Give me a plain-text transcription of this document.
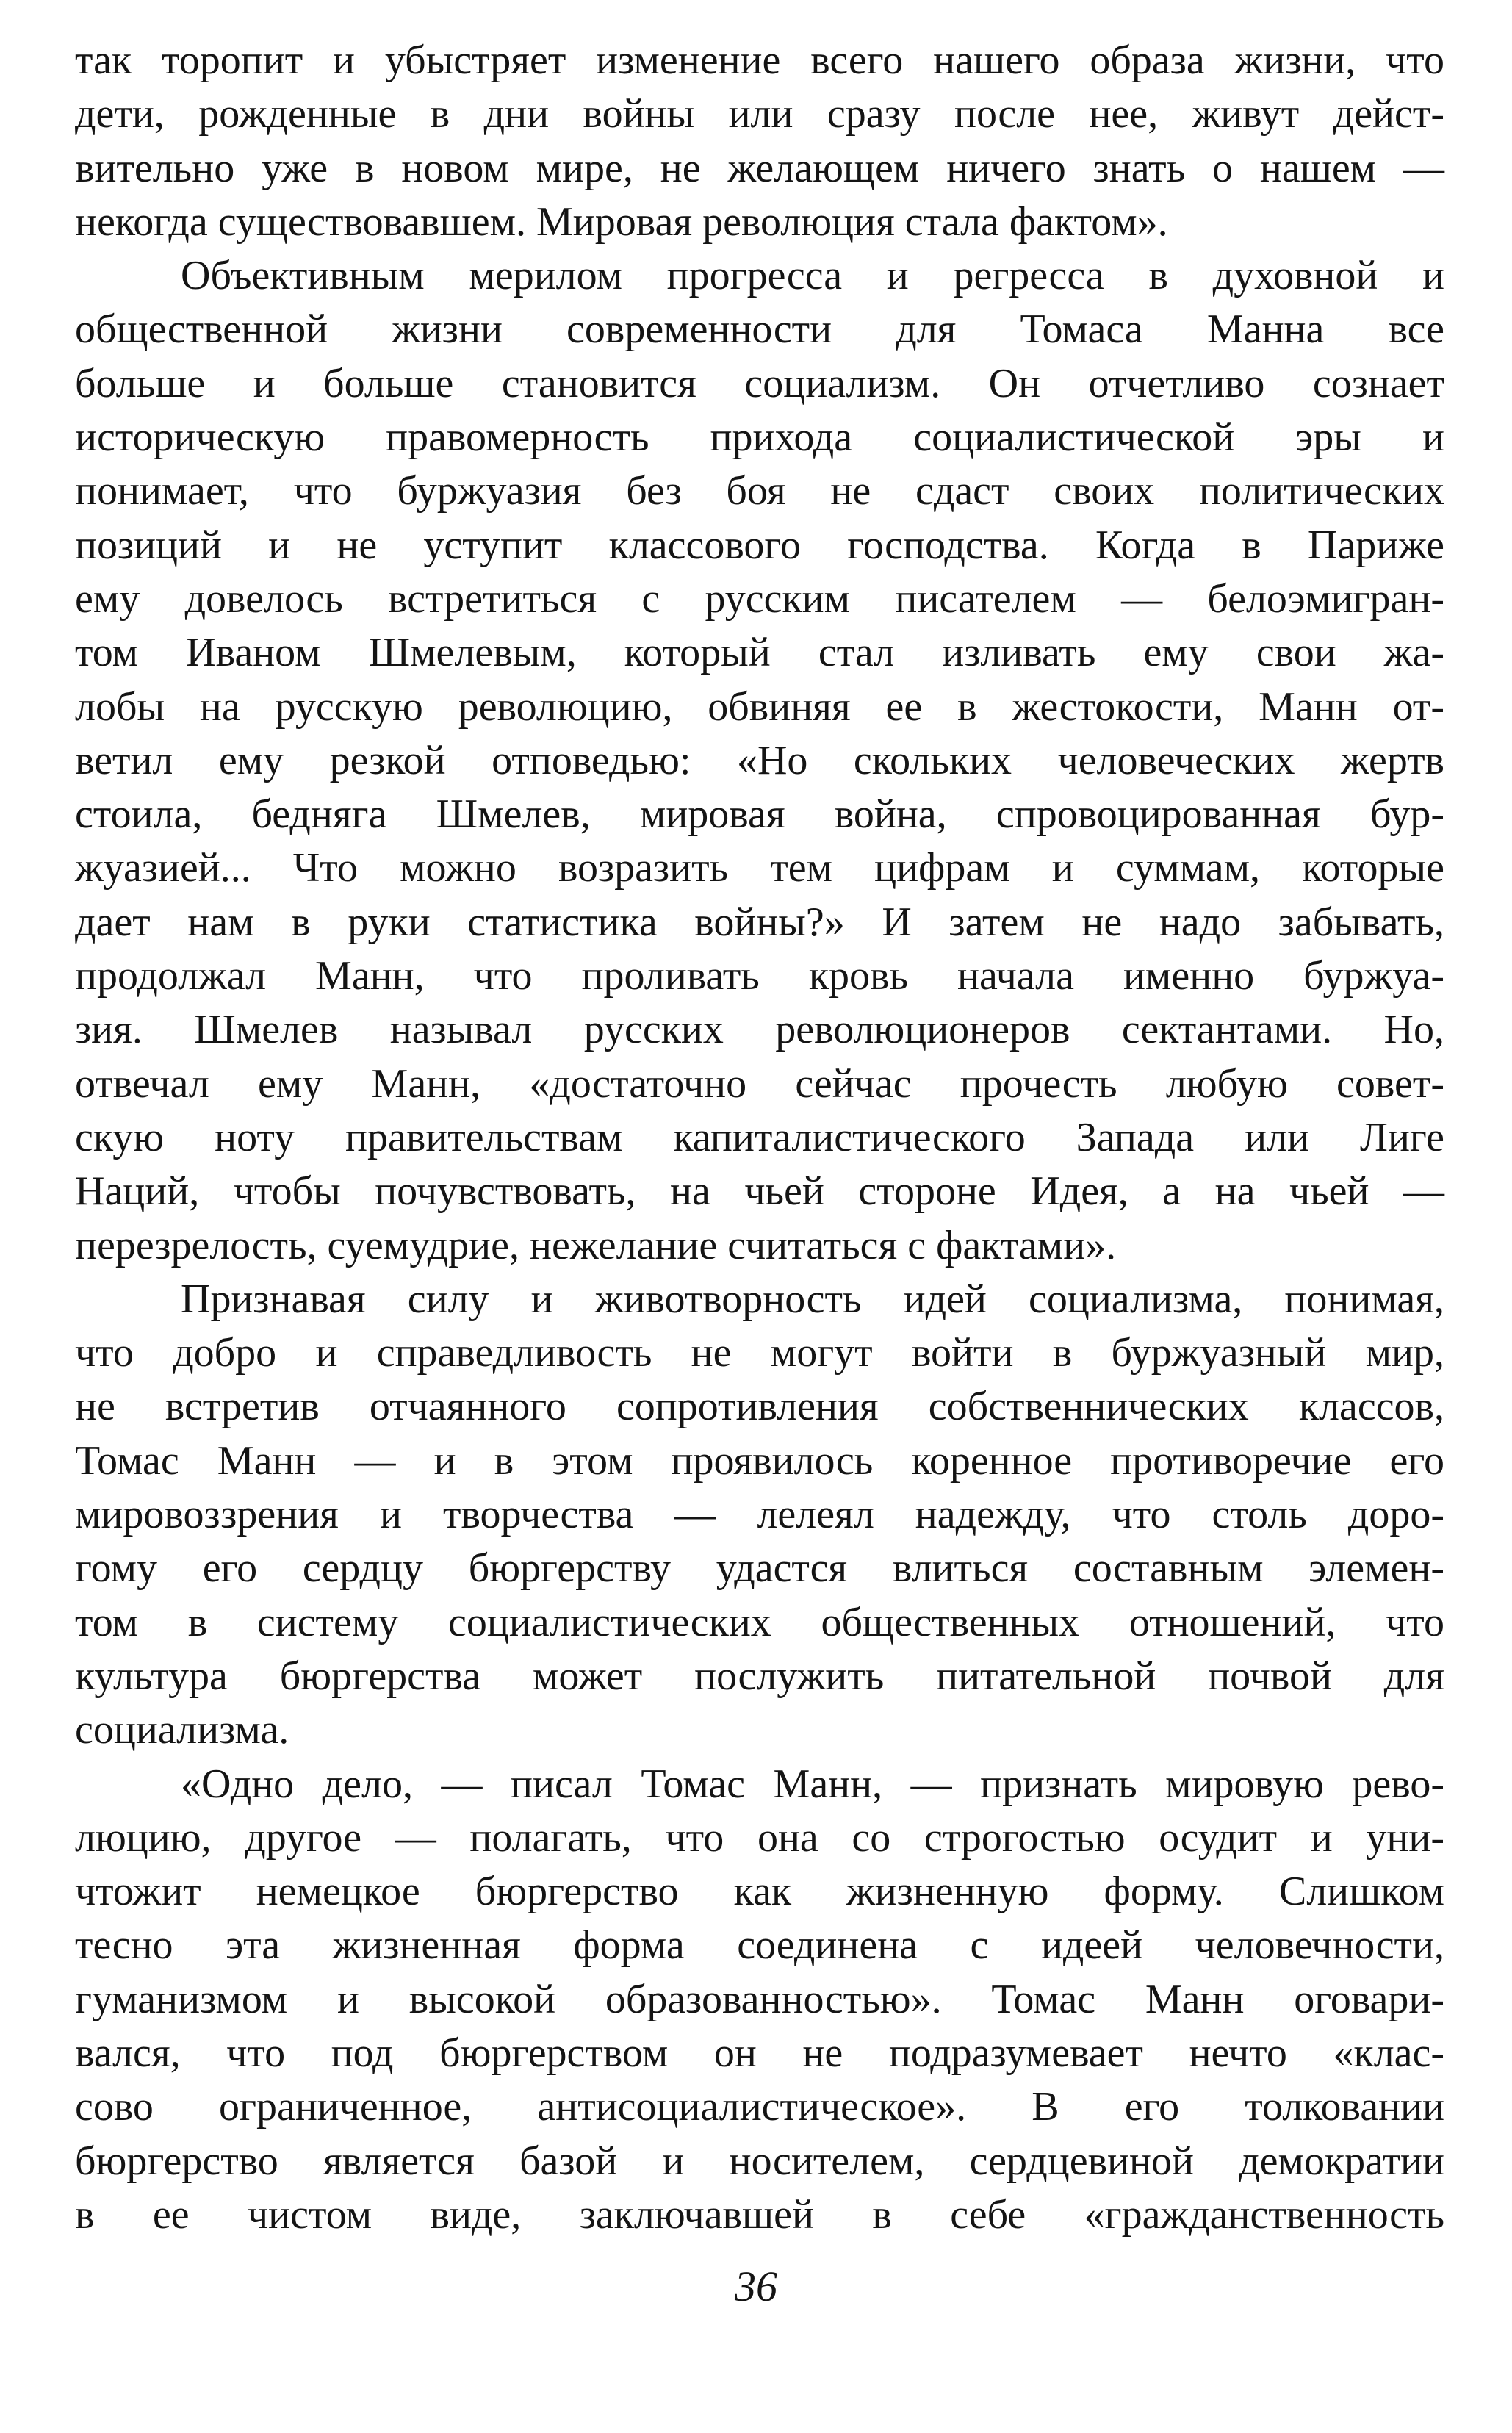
так торопит и убыстряет изменение всего нашего образа жизни, что
дети, рожденные в дни войны или сразу после нее, живут дейст-
вительно уже в новом мире, не желающем ничего знать о нашем —
некогда существовавшем. Мировая революция стала фактом».
Объективным мерилом прогресса и регресса в духовной и
общественной жизни современности для Томаса Манна все
больше и больше становится социализм. Он отчетливо сознает
историческую правомерность прихода социалистической эры и
понимает, что буржуазия без боя не сдаст своих политических
позиций и не уступит классового господства. Когда в Париже
ему довелось встретиться с русским писателем — белоэмигран-
том Иваном Шмелевым, который стал изливать ему свои жа-
лобы на русскую революцию, обвиняя ее в жестокости, Манн от-
ветил ему резкой отповедью: «Но скольких человеческих жертв
стоила, бедняга Шмелев, мировая война, спровоцированная бур-
жуазией... Что можно возразить тем цифрам и суммам, которые
дает нам в руки статистика войны?» И затем не надо забывать,
продолжал Манн, что проливать кровь начала именно буржуа-
зия. Шмелев называл русских революционеров сектантами. Но,
отвечал ему Манн, «достаточно сейчас прочесть любую совет-
скую ноту правительствам капиталистического Запада или Лиге
Наций, чтобы почувствовать, на чьей стороне Идея, а на чьей —
перезрелость, суемудрие, нежелание считаться с фактами».
Признавая силу и животворность идей социализма, понимая,
что добро и справедливость не могут войти в буржуазный мир,
не встретив отчаянного сопротивления собственнических классов,
Томас Манн — и в этом проявилось коренное противоречие его
мировоззрения и творчества — лелеял надежду, что столь доро-
гому его сердцу бюргерству удастся влиться составным элемен-
том в систему социалистических общественных отношений, что
культура бюргерства может послужить питательной почвой для
социализма.
«Одно дело, — писал Томас Манн, — признать мировую рево-
люцию, другое — полагать, что она со строгостью осудит и уни-
чтожит немецкое бюргерство как жизненную форму. Слишком
тесно эта жизненная форма соединена с идеей человечности,
гуманизмом и высокой образованностью». Томас Манн оговари-
вался, что под бюргерством он не подразумевает нечто «клас-
сово ограниченное, антисоциалистическое». В его толковании
бюргерство является базой и носителем, сердцевиной демократии
в ее чистом виде, заключавшей в себе «гражданственность
36
